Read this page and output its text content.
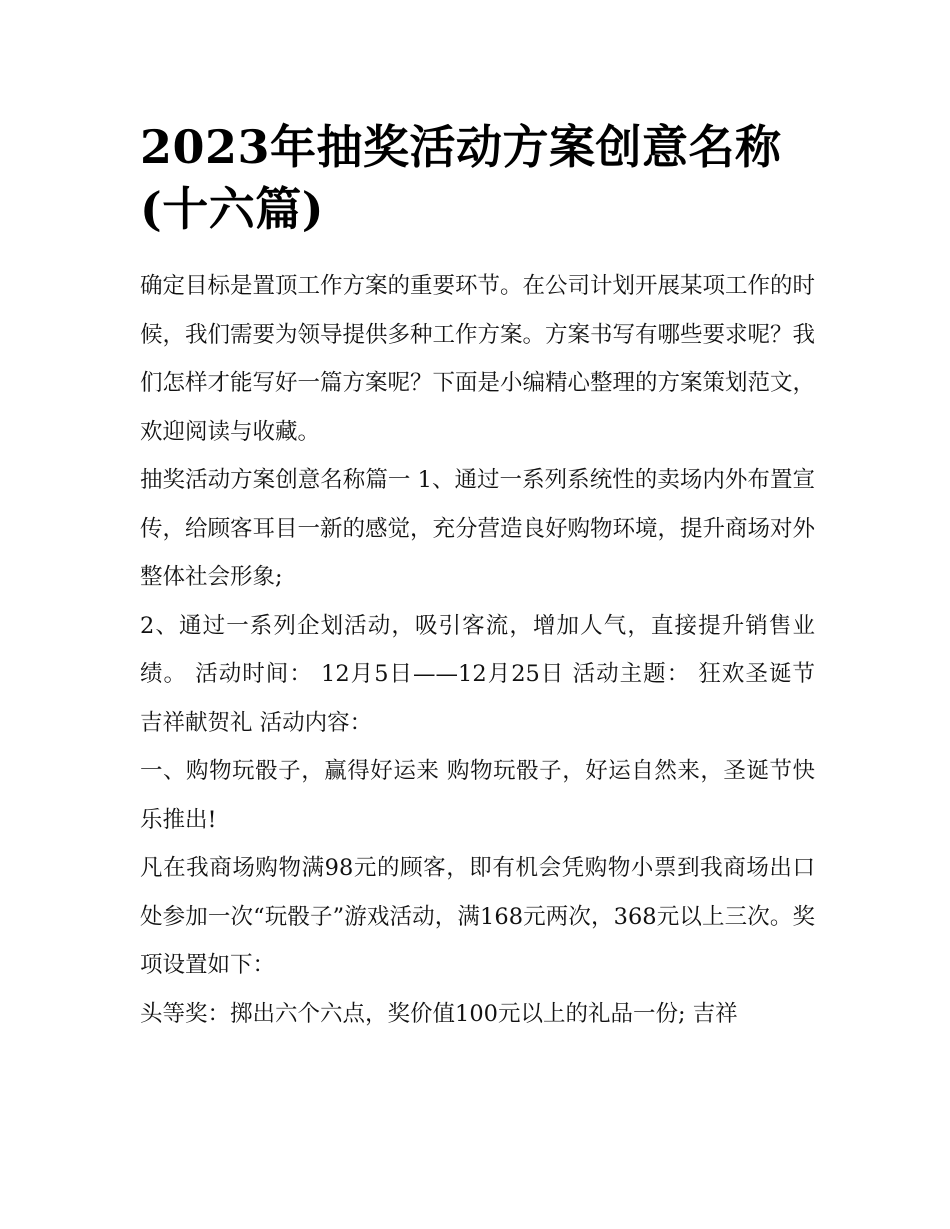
2023年抽奖活动方案创意名称(十六篇)

确定目标是置顶工作方案的重要环节。在公司计划开展某项工作的时候，我们需要为领导提供多种工作方案。方案书写有哪些要求呢？我们怎样才能写好一篇方案呢？下面是小编精心整理的方案策划范文，欢迎阅读与收藏。

抽奖活动方案创意名称篇一 1、通过一系列系统性的卖场内外布置宣传，给顾客耳目一新的感觉，充分营造良好购物环境，提升商场对外整体社会形象;

2、通过一系列企划活动，吸引客流，增加人气，直接提升销售业绩。 活动时间： 12月5日——12月25日 活动主题： 狂欢圣诞节 吉祥献贺礼 活动内容：

一、购物玩骰子，赢得好运来 购物玩骰子，好运自然来，圣诞节快乐推出!

凡在我商场购物满98元的顾客，即有机会凭购物小票到我商场出口处参加一次“玩骰子”游戏活动，满168元两次，368元以上三次。奖项设置如下：

头等奖：掷出六个六点，奖价值100元以上的礼品一份; 吉祥
